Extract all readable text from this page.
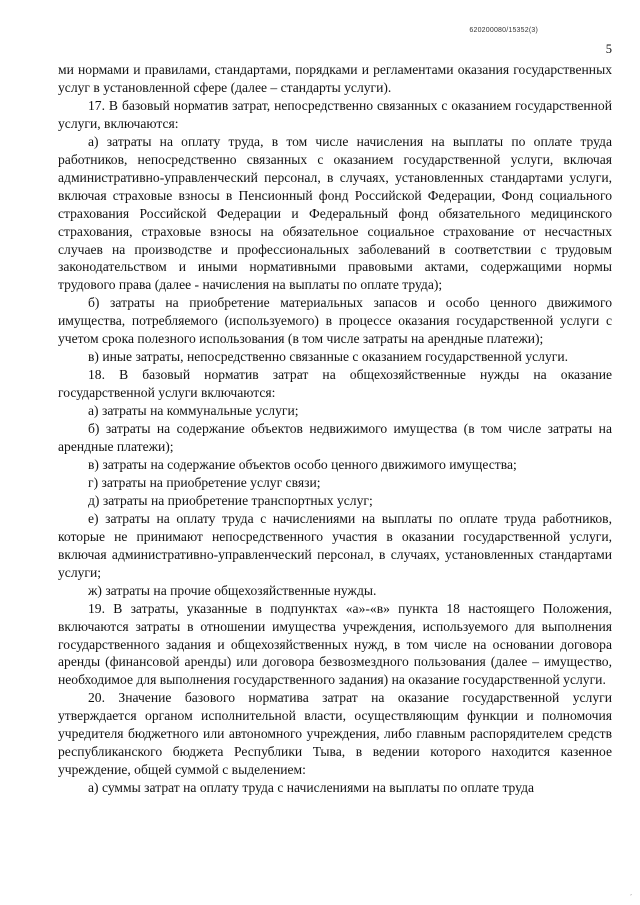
620200080/15352(3)
5

ми нормами и правилами, стандартами, порядками и регламентами оказания государственных услуг в установленной сфере (далее – стандарты услуги).

17. В базовый норматив затрат, непосредственно связанных с оказанием государственной услуги, включаются:

а) затраты на оплату труда, в том числе начисления на выплаты по оплате труда работников, непосредственно связанных с оказанием государственной услуги, включая административно-управленческий персонал, в случаях, установленных стандартами услуги, включая страховые взносы в Пенсионный фонд Российской Федерации, Фонд социального страхования Российской Федерации и Федеральный фонд обязательного медицинского страхования, страховые взносы на обязательное социальное страхование от несчастных случаев на производстве и профессиональных заболеваний в соответствии с трудовым законодательством и иными нормативными правовыми актами, содержащими нормы трудового права (далее - начисления на выплаты по оплате труда);

б) затраты на приобретение материальных запасов и особо ценного движимого имущества, потребляемого (используемого) в процессе оказания государственной услуги с учетом срока полезного использования (в том числе затраты на арендные платежи);

в) иные затраты, непосредственно связанные с оказанием государственной услуги.

18. В базовый норматив затрат на общехозяйственные нужды на оказание государственной услуги включаются:

а) затраты на коммунальные услуги;

б) затраты на содержание объектов недвижимого имущества (в том числе затраты на арендные платежи);

в) затраты на содержание объектов особо ценного движимого имущества;

г) затраты на приобретение услуг связи;

д) затраты на приобретение транспортных услуг;

е) затраты на оплату труда с начислениями на выплаты по оплате труда работников, которые не принимают непосредственного участия в оказании государственной услуги, включая административно-управленческий персонал, в случаях, установленных стандартами услуги;

ж) затраты на прочие общехозяйственные нужды.

19. В затраты, указанные в подпунктах «а»-«в» пункта 18 настоящего Положения, включаются затраты в отношении имущества учреждения, используемого для выполнения государственного задания и общехозяйственных нужд, в том числе на основании договора аренды (финансовой аренды) или договора безвозмездного пользования (далее – имущество, необходимое для выполнения государственного задания) на оказание государственной услуги.

20. Значение базового норматива затрат на оказание государственной услуги утверждается органом исполнительной власти, осуществляющим функции и полномочия учредителя бюджетного или автономного учреждения, либо главным распорядителем средств республиканского бюджета Республики Тыва, в ведении которого находится казенное учреждение, общей суммой с выделением:

а) суммы затрат на оплату труда с начислениями на выплаты по оплате труда

,
